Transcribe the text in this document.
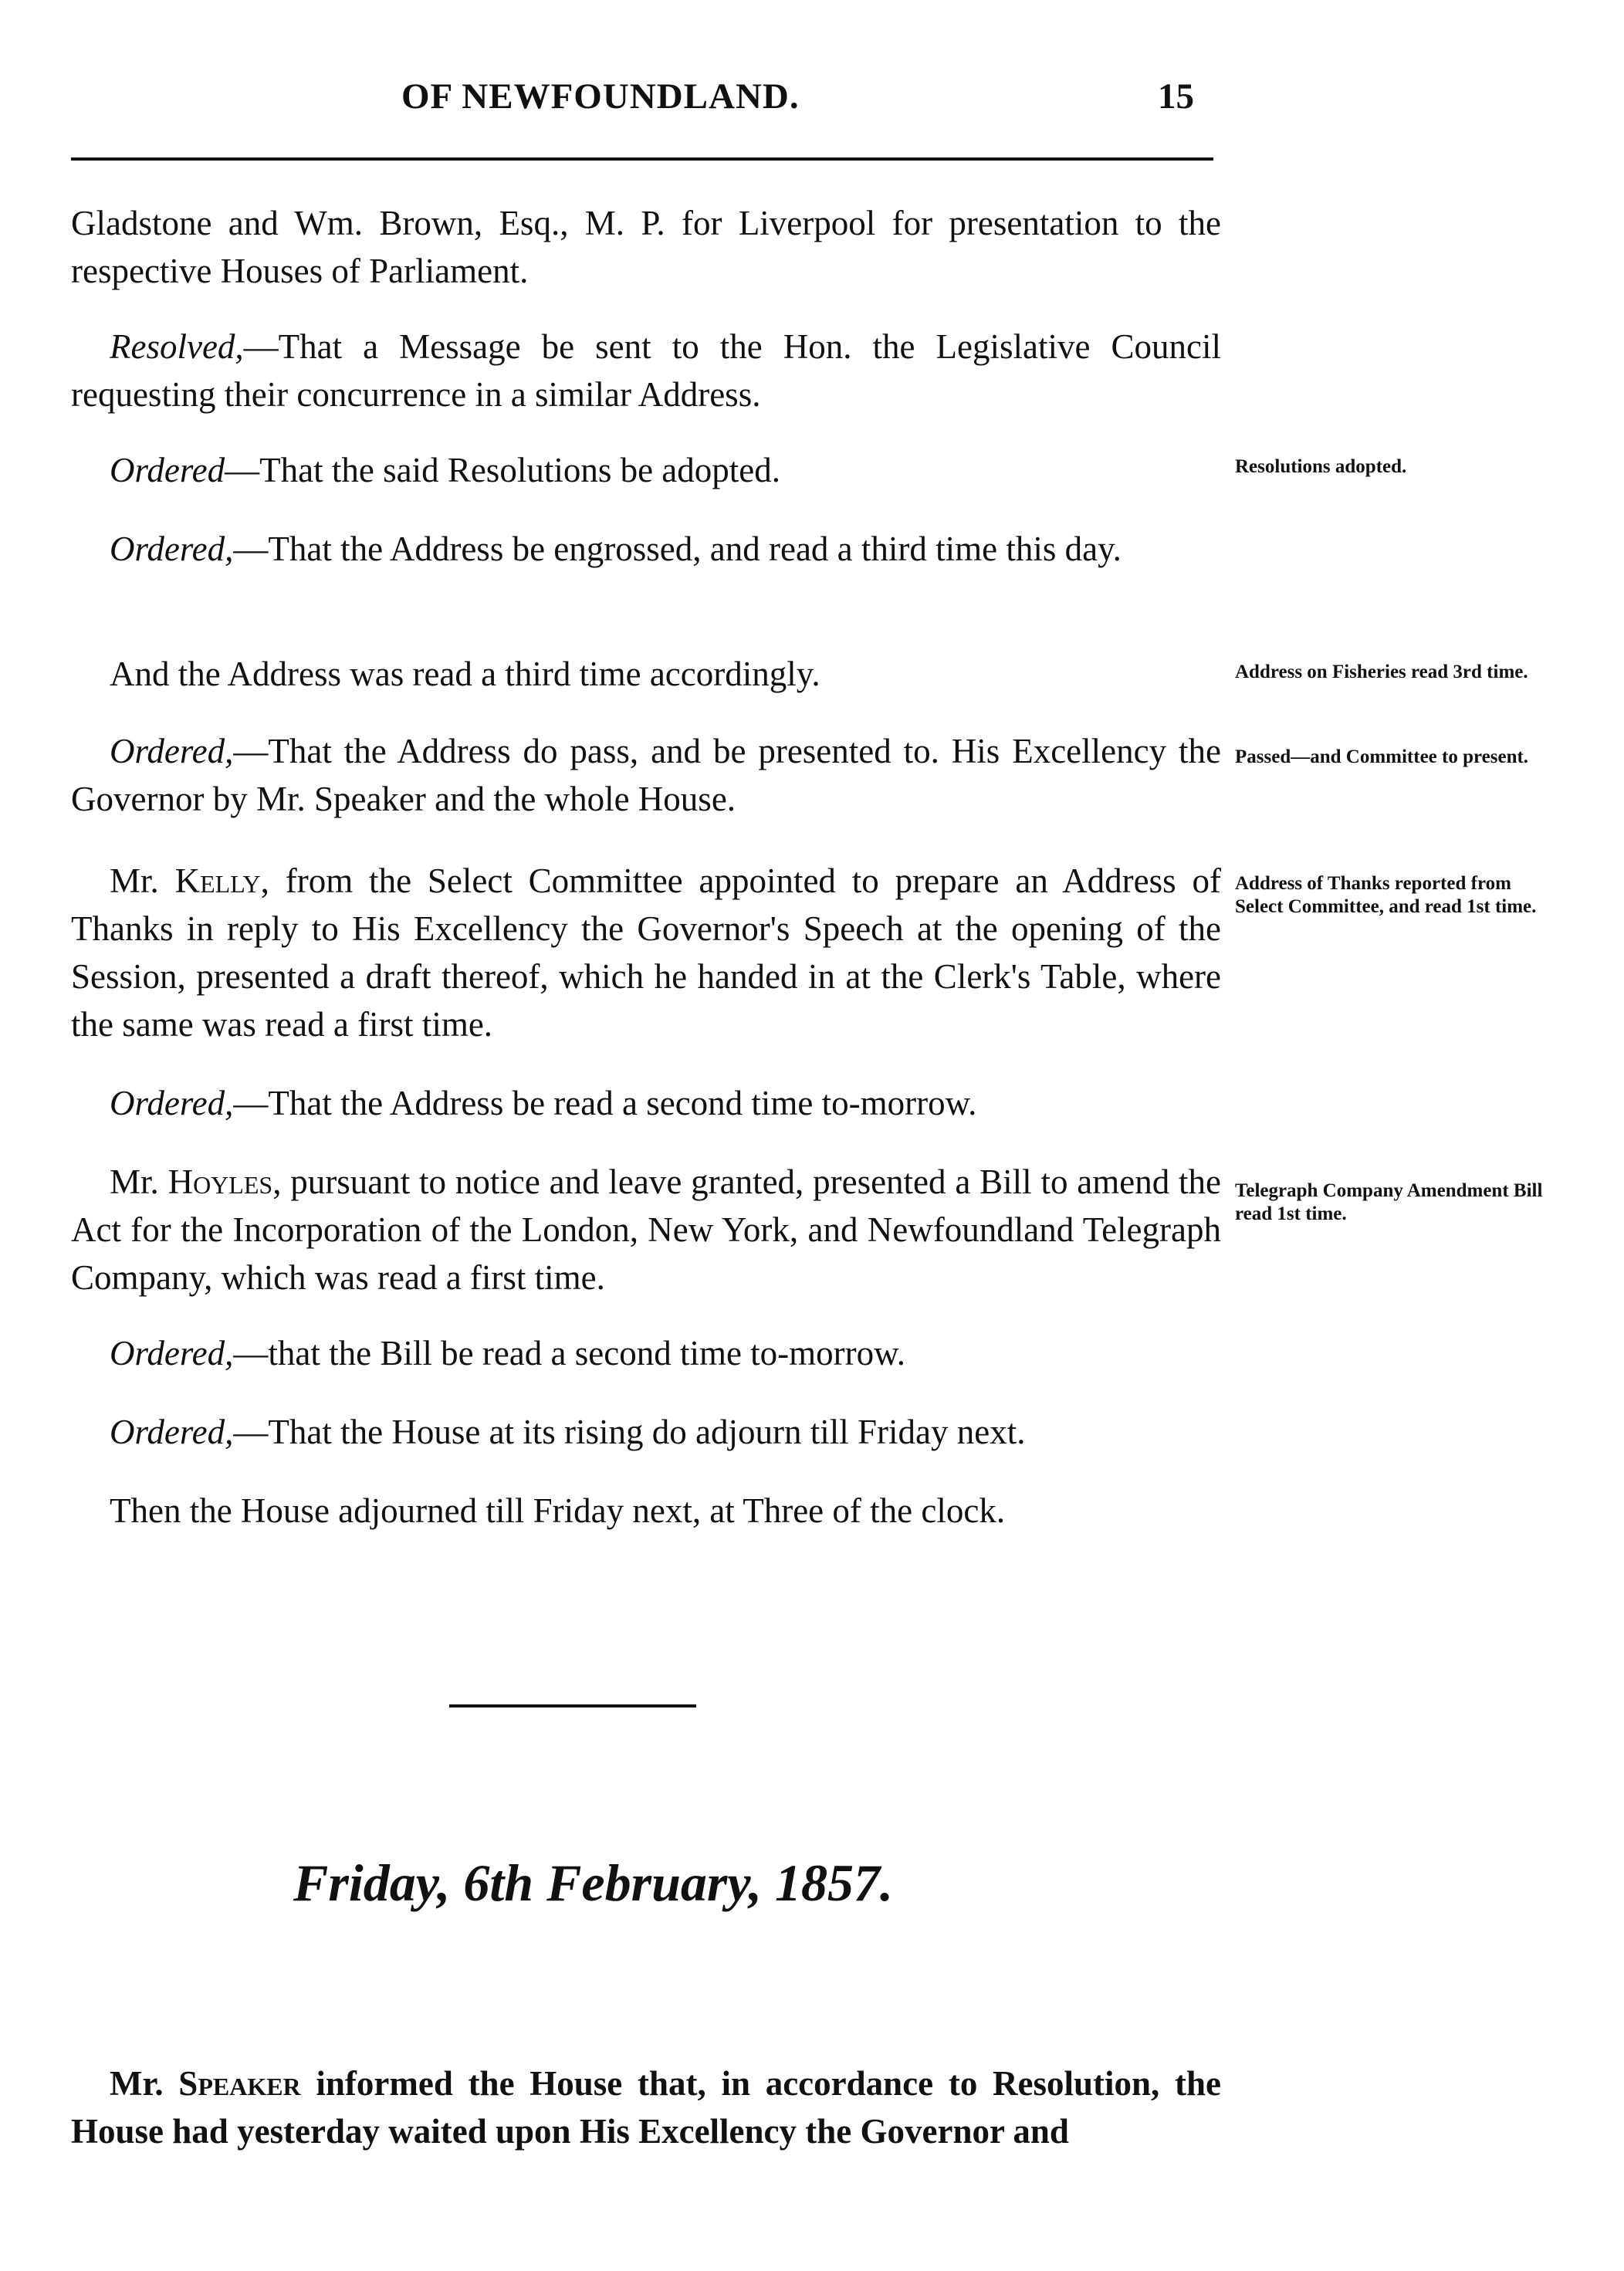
OF NEWFOUNDLAND.	15
Gladstone and Wm. Brown, Esq., M. P. for Liverpool for presentation to the respective Houses of Parliament.
Resolved,—That a Message be sent to the Hon. the Legislative Council requesting their concurrence in a similar Address.
Ordered—That the said Resolutions be adopted.
Ordered,—That the Address be engrossed, and read a third time this day.
And the Address was read a third time accordingly.
Ordered,—That the Address do pass, and be presented to. His Excellency the Governor by Mr. Speaker and the whole House.
Mr. Kelly, from the Select Committee appointed to prepare an Address of Thanks in reply to His Excellency the Governor's Speech at the opening of the Session, presented a draft thereof, which he handed in at the Clerk's Table, where the same was read a first time.
Ordered,—That the Address be read a second time to-morrow.
Mr. Hoyles, pursuant to notice and leave granted, presented a Bill to amend the Act for the Incorporation of the London, New York, and Newfoundland Telegraph Company, which was read a first time.
Ordered,—that the Bill be read a second time to-morrow.
Ordered,—That the House at its rising do adjourn till Friday next.
Then the House adjourned till Friday next, at Three of the clock.
Resolutions adopted.
Address on Fisheries read 3rd time.
Passed—and Committee to present.
Address of Thanks reported from Select Committee, and read 1st time.
Telegraph Company Amendment Bill read 1st time.
Friday, 6th February, 1857.
Mr. Speaker informed the House that, in accordance to Resolution, the House had yesterday waited upon His Excellency the Governor and
